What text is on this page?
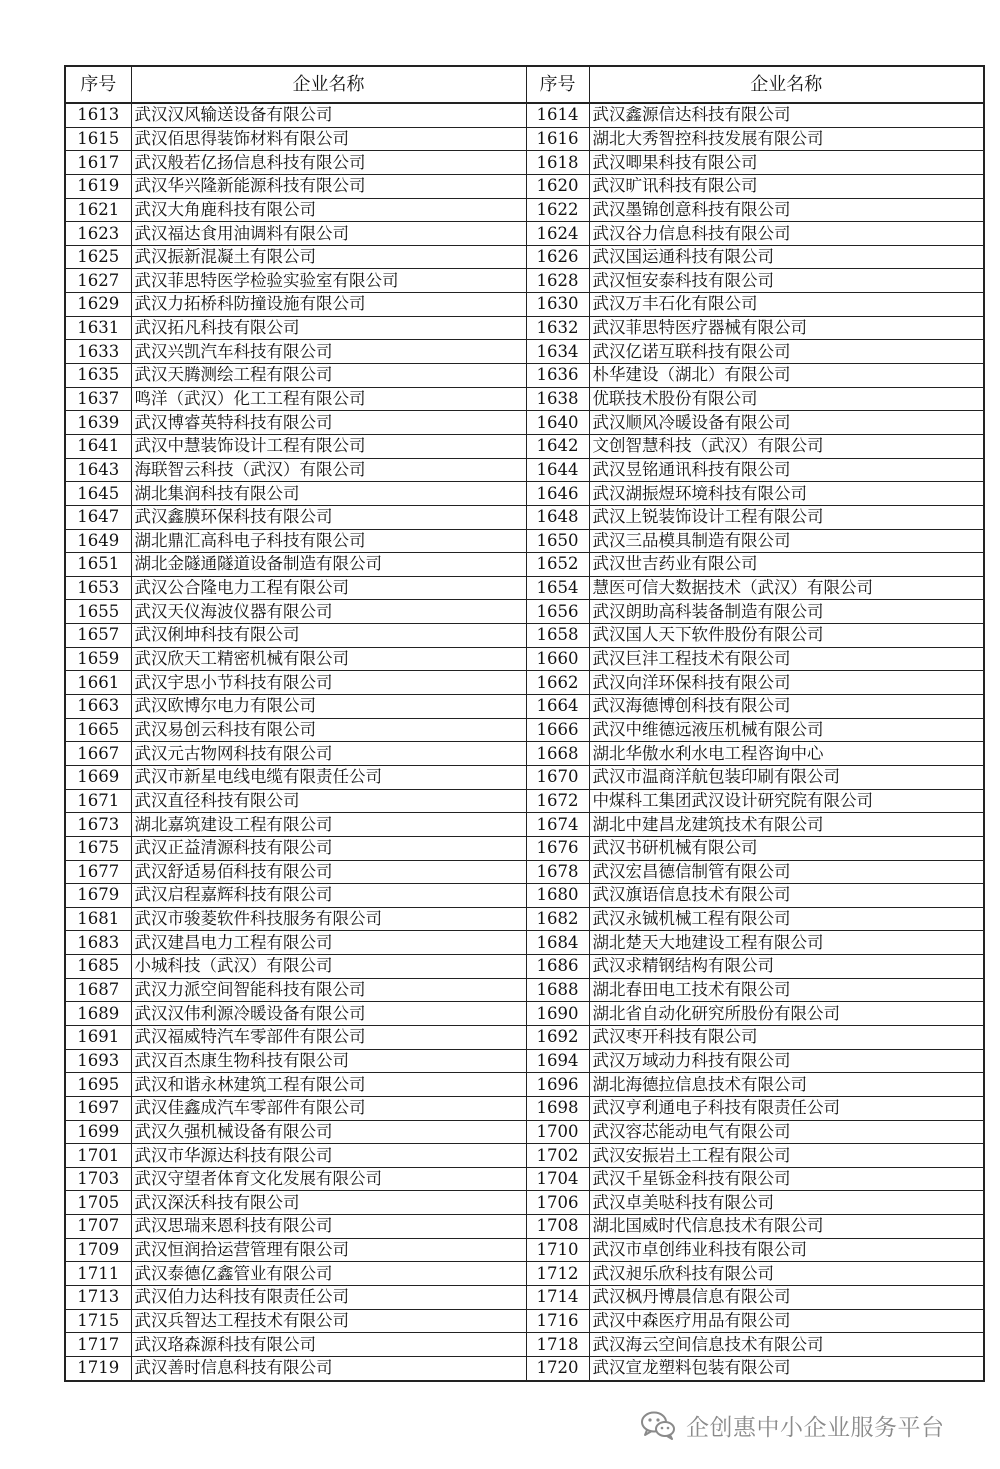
序号	企业名称	序号	企业名称
1613	武汉汉风输送设备有限公司	1614	武汉鑫源信达科技有限公司
1615	武汉佰思得装饰材料有限公司	1616	湖北大秀智控科技发展有限公司
1617	武汉般若亿扬信息科技有限公司	1618	武汉唧果科技有限公司
1619	武汉华兴隆新能源科技有限公司	1620	武汉旷讯科技有限公司
1621	武汉大角鹿科技有限公司	1622	武汉墨锦创意科技有限公司
1623	武汉福达食用油调料有限公司	1624	武汉谷力信息科技有限公司
1625	武汉振新混凝土有限公司	1626	武汉国运通科技有限公司
1627	武汉菲思特医学检验实验室有限公司	1628	武汉恒安泰科技有限公司
1629	武汉力拓桥科防撞设施有限公司	1630	武汉万丰石化有限公司
1631	武汉拓凡科技有限公司	1632	武汉菲思特医疗器械有限公司
1633	武汉兴凯汽车科技有限公司	1634	武汉亿诺互联科技有限公司
1635	武汉天腾测绘工程有限公司	1636	朴华建设（湖北）有限公司
1637	鸣洋（武汉）化工工程有限公司	1638	优联技术股份有限公司
1639	武汉博睿英特科技有限公司	1640	武汉顺风冷暖设备有限公司
1641	武汉中慧装饰设计工程有限公司	1642	文创智慧科技（武汉）有限公司
1643	海联智云科技（武汉）有限公司	1644	武汉昱铭通讯科技有限公司
1645	湖北集润科技有限公司	1646	武汉湖振煜环境科技有限公司
1647	武汉鑫膜环保科技有限公司	1648	武汉上锐装饰设计工程有限公司
1649	湖北鼎汇高科电子科技有限公司	1650	武汉三品模具制造有限公司
1651	湖北金隧通隧道设备制造有限公司	1652	武汉世吉药业有限公司
1653	武汉公合隆电力工程有限公司	1654	慧医可信大数据技术（武汉）有限公司
1655	武汉天仪海波仪器有限公司	1656	武汉朗助高科装备制造有限公司
1657	武汉俐坤科技有限公司	1658	武汉国人天下软件股份有限公司
1659	武汉欣天工精密机械有限公司	1660	武汉巨沣工程技术有限公司
1661	武汉宇思小节科技有限公司	1662	武汉向洋环保科技有限公司
1663	武汉欧博尔电力有限公司	1664	武汉海德博创科技有限公司
1665	武汉易创云科技有限公司	1666	武汉中维德远液压机械有限公司
1667	武汉元古物网科技有限公司	1668	湖北华傲水利水电工程咨询中心
1669	武汉市新星电线电缆有限责任公司	1670	武汉市温商洋航包装印刷有限公司
1671	武汉直径科技有限公司	1672	中煤科工集团武汉设计研究院有限公司
1673	湖北嘉筑建设工程有限公司	1674	湖北中建昌龙建筑技术有限公司
1675	武汉正益清源科技有限公司	1676	武汉书研机械有限公司
1677	武汉舒适易佰科技有限公司	1678	武汉宏昌德信制管有限公司
1679	武汉启程嘉辉科技有限公司	1680	武汉旗语信息技术有限公司
1681	武汉市骏菱软件科技服务有限公司	1682	武汉永铖机械工程有限公司
1683	武汉建昌电力工程有限公司	1684	湖北楚天大地建设工程有限公司
1685	小城科技（武汉）有限公司	1686	武汉求精钢结构有限公司
1687	武汉力派空间智能科技有限公司	1688	湖北春田电工技术有限公司
1689	武汉汉伟利源冷暖设备有限公司	1690	湖北省自动化研究所股份有限公司
1691	武汉福威特汽车零部件有限公司	1692	武汉枣开科技有限公司
1693	武汉百杰康生物科技有限公司	1694	武汉万域动力科技有限公司
1695	武汉和谐永林建筑工程有限公司	1696	湖北海德拉信息技术有限公司
1697	武汉佳鑫成汽车零部件有限公司	1698	武汉亨利通电子科技有限责任公司
1699	武汉久强机械设备有限公司	1700	武汉容芯能动电气有限公司
1701	武汉市华源达科技有限公司	1702	武汉安振岩土工程有限公司
1703	武汉守望者体育文化发展有限公司	1704	武汉千星铄金科技有限公司
1705	武汉深沃科技有限公司	1706	武汉卓美哒科技有限公司
1707	武汉思瑞来恩科技有限公司	1708	湖北国威时代信息技术有限公司
1709	武汉恒润拾运营管理有限公司	1710	武汉市卓创纬业科技有限公司
1711	武汉泰德亿鑫管业有限公司	1712	武汉昶乐欣科技有限公司
1713	武汉伯力达科技有限责任公司	1714	武汉枫丹博晨信息有限公司
1715	武汉兵智达工程技术有限公司	1716	武汉中森医疗用品有限公司
1717	武汉珞森源科技有限公司	1718	武汉海云空间信息技术有限公司
1719	武汉善时信息科技有限公司	1720	武汉宣龙塑料包装有限公司
企创惠中小企业服务平台
